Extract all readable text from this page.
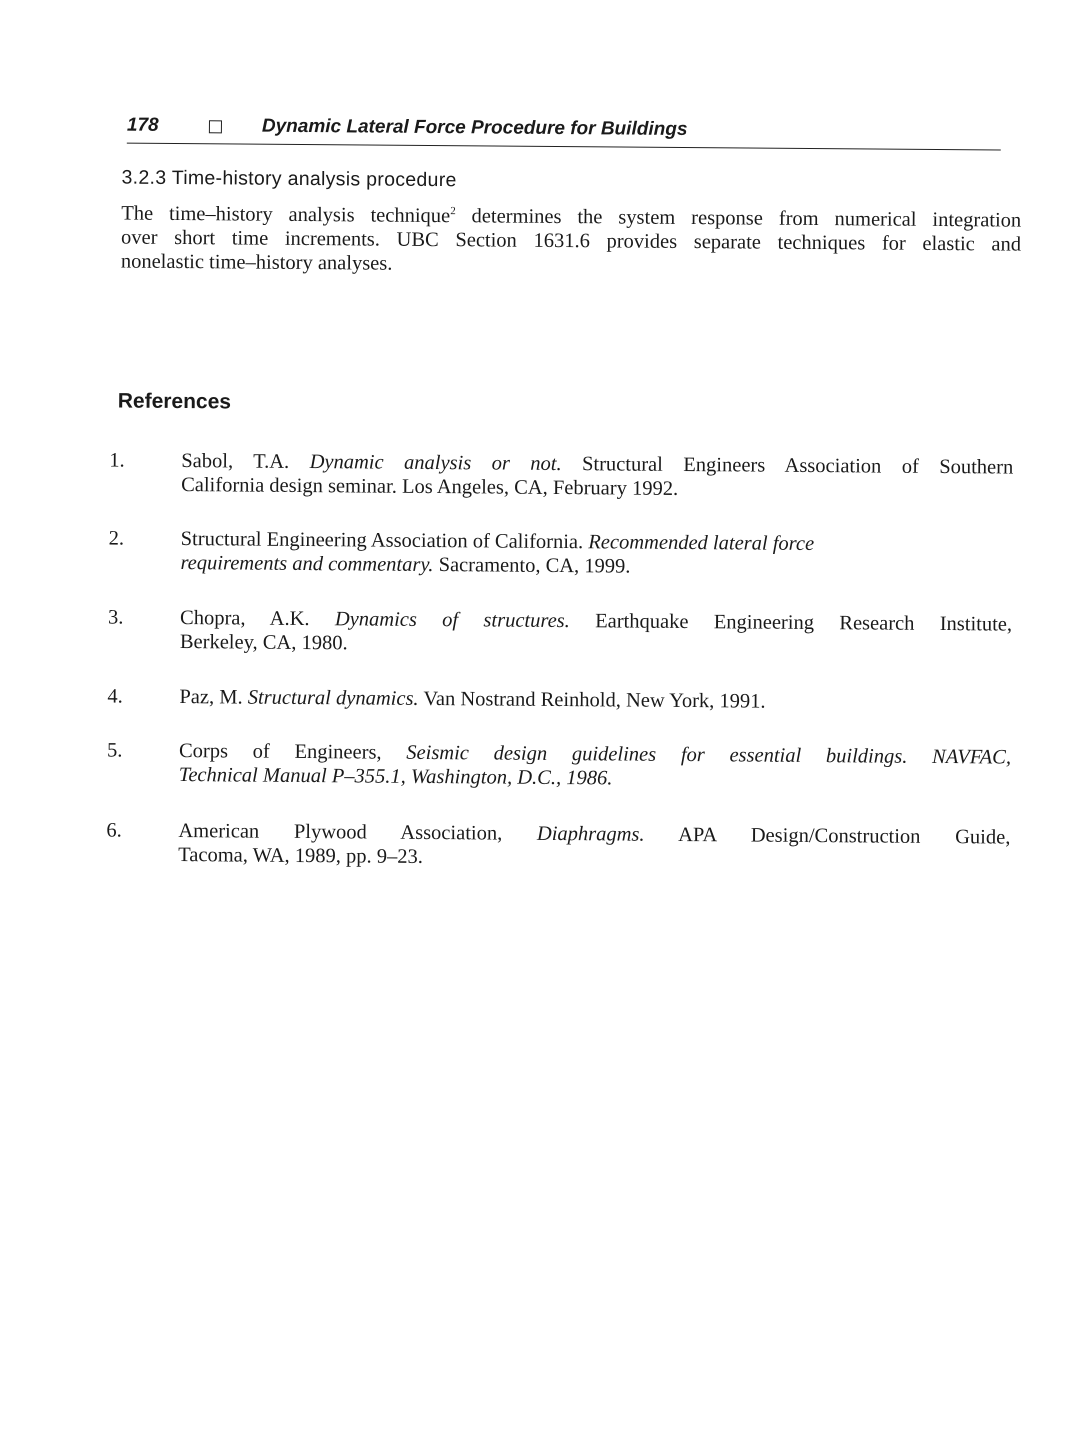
178	Dynamic Lateral Force Procedure for Buildings
3.2.3 Time-history analysis procedure
The time–history analysis technique$^2$ determines the system response from numerical integration
over short time increments. UBC Section 1631.6 provides separate techniques for elastic and
nonelastic time–history analyses.
References
1.	Sabol, T.A. Dynamic analysis or not. Structural Engineers Association of Southern
California design seminar. Los Angeles, CA, February 1992.
2.	Structural Engineering Association of California. Recommended lateral force
requirements and commentary. Sacramento, CA, 1999.
3.	Chopra, A.K. Dynamics of structures. Earthquake Engineering Research Institute,
Berkeley, CA, 1980.
4.	Paz, M. Structural dynamics. Van Nostrand Reinhold, New York, 1991.
5.	Corps of Engineers, Seismic design guidelines for essential buildings. NAVFAC,
Technical Manual P–355.1, Washington, D.C., 1986.
6.	American Plywood Association, Diaphragms. APA Design/Construction Guide,
Tacoma, WA, 1989, pp. 9–23.
